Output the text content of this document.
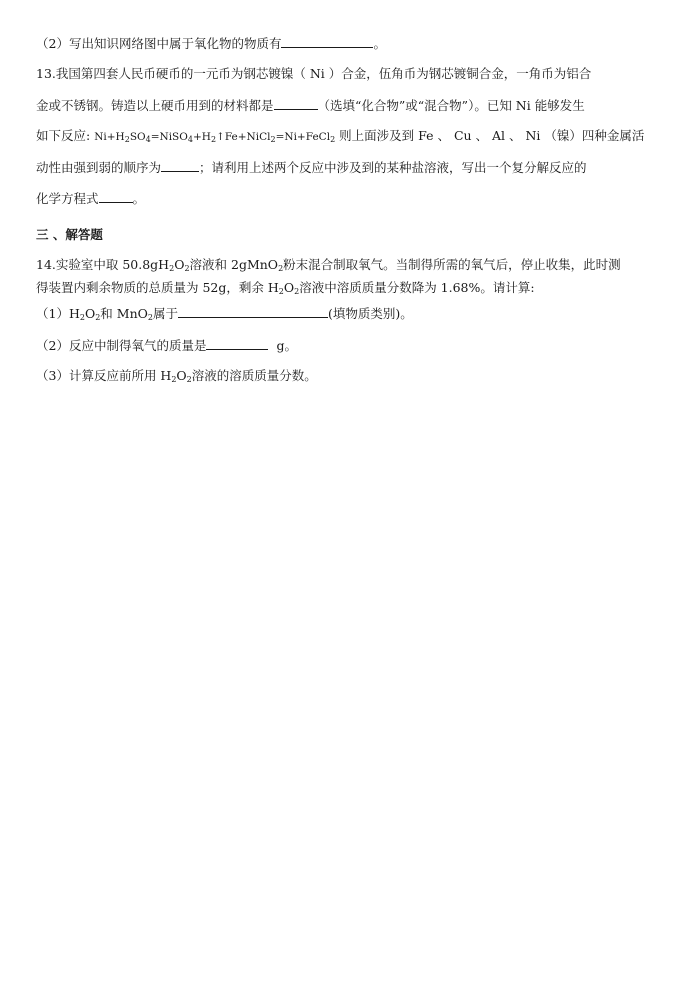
（2）写出知识网络图中属于氧化物的物质有	。
13.我国第四套人民币硬币的一元币为钢芯镀镍（ Ni ）合金，伍角币为钢芯镀铜合金，一角币为铝合
金或不锈钢。铸造以上硬币用到的材料都是	（选填“化合物”或“混合物”）。已知 Ni 能够发生
如下反应: $Ni+H_2SO_4=NiSO_4+H_2↑Fe+NiCl_2=Ni+FeCl_2$ 则上面涉及到 Fe 、 Cu 、 Al 、 Ni （镍）四种金属活
动性由强到弱的顺序为	；请利用上述两个反应中涉及到的某种盐溶液，写出一个复分解反应的
化学方程式	。
三 、解答题
14.实验室中取 $50.8gH_2O_2$溶液和 2gMnO$_2$粉末混合制取氧气。当制得所需的氧气后，停止收集，此时测
得装置内剩余物质的总质量为 52g，剩余 $H_2O_2$溶液中溶质质量分数降为 1.68%。请计算:
$(1)H_2O_2$和 MnO$_2$属于	(填物质类别)。
（2）反应中制得氧气的质量是	g。
（3）计算反应前所用 $H_2O_2$溶液的溶质质量分数。
